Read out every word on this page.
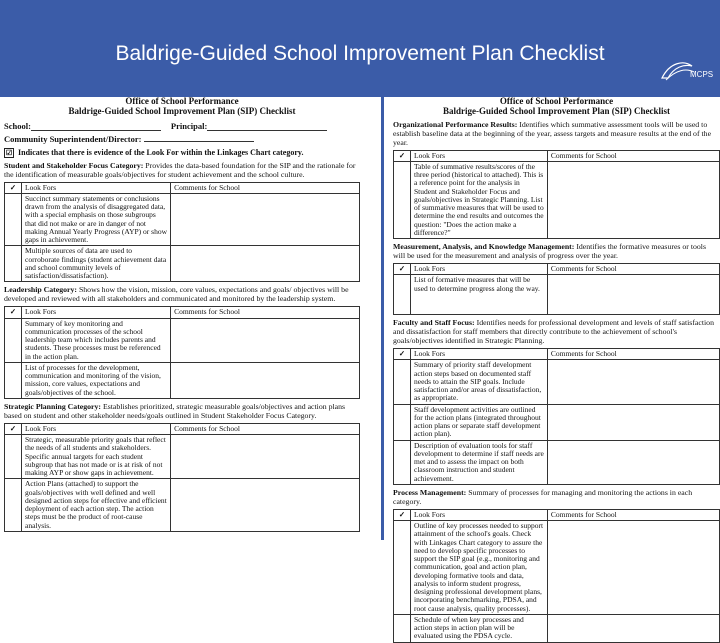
Baldrige-Guided School Improvement Plan Checklist
MCPS
Office of School Performance
Baldrige-Guided School Improvement Plan (SIP) Checklist
School:	Principal:
Community Superintendent/Director:
☑ Indicates that there is evidence of the Look For within the Linkages Chart category.
Student and Stakeholder Focus Category: Provides the data-based foundation for the SIP and the rationale for the identification of measurable goals/objectives for student achievement and the school culture.
✓	Look Fors	Comments for School
	Succinct summary statements or conclusions drawn from the analysis of disaggregated data, with a special emphasis on those subgroups that did not make or are in danger of not making Annual Yearly Progress (AYP) or show gaps in achievement.	
	Multiple sources of data are used to corroborate findings (student achievement data and school community levels of satisfaction/dissatisfaction).	
Leadership Category: Shows how the vision, mission, core values, expectations and goals/ objectives will be developed and reviewed with all stakeholders and communicated and monitored by the leadership system.
✓	Look Fors	Comments for School
	Summary of key monitoring and communication processes of the school leadership team which includes parents and students. These processes must be referenced in the action plan.	
	List of processes for the development, communication and monitoring of the vision, mission, core values, expectations and goals/objectives of the school.	
Strategic Planning Category: Establishes prioritized, strategic measurable goals/objectives and action plans based on student and other stakeholder needs/goals outlined in Student Stakeholder Focus Category.
✓	Look Fors	Comments for School
	Strategic, measurable priority goals that reflect the needs of all students and stakeholders. Specific annual targets for each student subgroup that has not made or is at risk of not making AYP or show gaps in achievement.	
	Action Plans (attached) to support the goals/objectives with well defined and well designed action steps for effective and efficient deployment of each action step. The action steps must be the product of root-cause analysis.	
Office of School Performance
Baldrige-Guided School Improvement Plan (SIP) Checklist
Organizational Performance Results: Identifies which summative assessment tools will be used to establish baseline data at the beginning of the year, assess targets and measure results at the end of the year.
✓	Look Fors	Comments for School
	Table of summative results/scores of the three period (historical to attached). This is a reference point for the analysis in Student and Stakeholder Focus and goals/objectives in Strategic Planning. List of summative measures that will be used to determine the end results and outcomes the question: "Does the action make a difference?"	
Measurement, Analysis, and Knowledge Management: Identifies the formative measures or tools will be used for the measurement and analysis of progress over the year.
✓	Look Fors	Comments for School
	List of formative measures that will be used to determine progress along the way.	
Faculty and Staff Focus: Identifies needs for professional development and levels of staff satisfaction and dissatisfaction for staff members that directly contribute to the achievement of school's goals/objectives identified in Strategic Planning.
✓	Look Fors	Comments for School
	Summary of priority staff development action steps based on documented staff needs to attain the SIP goals. Include satisfaction and/or areas of dissatisfaction, as appropriate.	
	Staff development activities are outlined for the action plans (integrated throughout action plans or separate staff development action plan).	
	Description of evaluation tools for staff development to determine if staff needs are met and to assess the impact on both classroom instruction and student achievement.	
Process Management: Summary of processes for managing and monitoring the actions in each category.
✓	Look Fors	Comments for School
	Outline of key processes needed to support attainment of the school's goals. Check with Linkages Chart category to assure the need to develop specific processes to support the SIP goal (e.g., monitoring and communication, goal and action plan, developing formative tools and data, analysis to inform student progress, designing professional development plans, incorporating benchmarking, PDSA, and root cause analysis, quality processes).	
	Schedule of when key processes and action steps in action plan will be evaluated using the PDSA cycle.	
